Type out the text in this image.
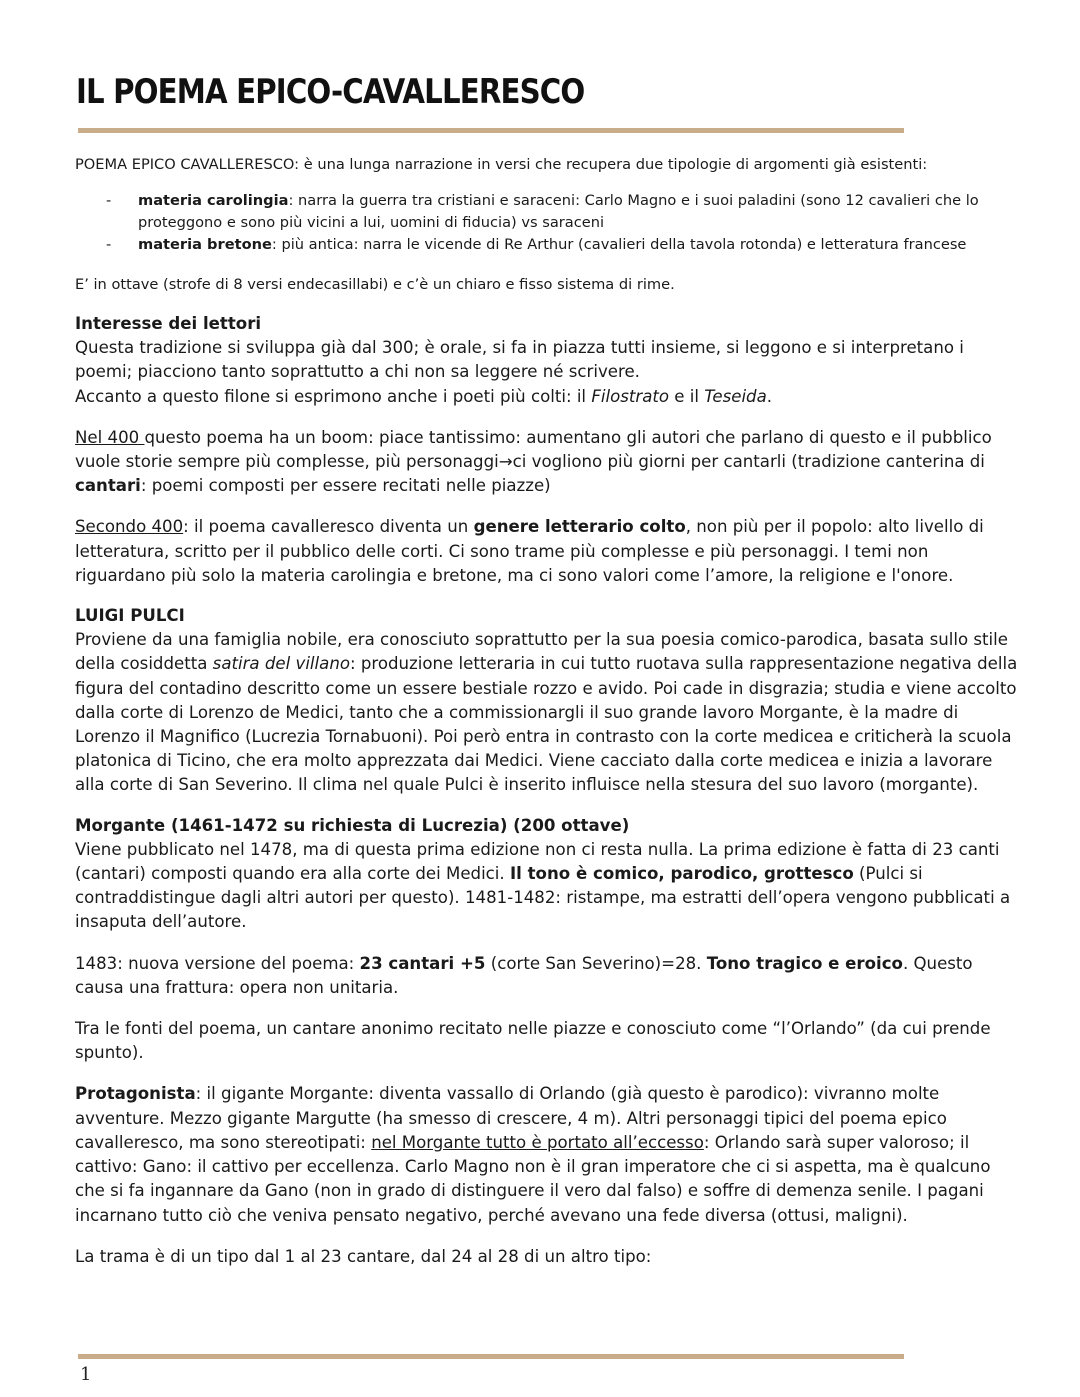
IL POEMA EPICO-CAVALLERESCO

POEMA EPICO CAVALLERESCO: è una lunga narrazione in versi che recupera due tipologie di argomenti già esistenti:

- materia carolingia: narra la guerra tra cristiani e saraceni: Carlo Magno e i suoi paladini (sono 12 cavalieri che lo proteggono e sono più vicini a lui, uomini di fiducia) vs saraceni
- materia bretone: più antica: narra le vicende di Re Arthur (cavalieri della tavola rotonda) e letteratura francese

E’ in ottave (strofe di 8 versi endecasillabi) e c’è un chiaro e fisso sistema di rime.

Interesse dei lettori
Questa tradizione si sviluppa già dal 300; è orale, si fa in piazza tutti insieme, si leggono e si interpretano i poemi; piacciono tanto soprattutto a chi non sa leggere né scrivere.
Accanto a questo filone si esprimono anche i poeti più colti: il Filostrato e il Teseida.

Nel 400 questo poema ha un boom: piace tantissimo: aumentano gli autori che parlano di questo e il pubblico vuole storie sempre più complesse, più personaggi→ci vogliono più giorni per cantarli (tradizione canterina di cantari: poemi composti per essere recitati nelle piazze)

Secondo 400: il poema cavalleresco diventa un genere letterario colto, non più per il popolo: alto livello di letteratura, scritto per il pubblico delle corti. Ci sono trame più complesse e più personaggi. I temi non riguardano più solo la materia carolingia e bretone, ma ci sono valori come l’amore, la religione e l'onore.

LUIGI PULCI
Proviene da una famiglia nobile, era conosciuto soprattutto per la sua poesia comico-parodica, basata sullo stile della cosiddetta satira del villano: produzione letteraria in cui tutto ruotava sulla rappresentazione negativa della figura del contadino descritto come un essere bestiale rozzo e avido. Poi cade in disgrazia; studia e viene accolto dalla corte di Lorenzo de Medici, tanto che a commissionargli il suo grande lavoro Morgante, è la madre di Lorenzo il Magnifico (Lucrezia Tornabuoni). Poi però entra in contrasto con la corte medicea e criticherà la scuola platonica di Ticino, che era molto apprezzata dai Medici. Viene cacciato dalla corte medicea e inizia a lavorare alla corte di San Severino. Il clima nel quale Pulci è inserito influisce nella stesura del suo lavoro (morgante).
Morgante (1461-1472 su richiesta di Lucrezia) (200 ottave)
Viene pubblicato nel 1478, ma di questa prima edizione non ci resta nulla. La prima edizione è fatta di 23 canti (cantari) composti quando era alla corte dei Medici. Il tono è comico, parodico, grottesco (Pulci si contraddistingue dagli altri autori per questo). 1481-1482: ristampe, ma estratti dell’opera vengono pubblicati a insaputa dell’autore.

1483: nuova versione del poema: 23 cantari +5 (corte San Severino)=28. Tono tragico e eroico. Questo causa una frattura: opera non unitaria.

Tra le fonti del poema, un cantare anonimo recitato nelle piazze e conosciuto come “l’Orlando” (da cui prende spunto).

Protagonista: il gigante Morgante: diventa vassallo di Orlando (già questo è parodico): vivranno molte avventure. Mezzo gigante Margutte (ha smesso di crescere, 4 m). Altri personaggi tipici del poema epico cavalleresco, ma sono stereotipati: nel Morgante tutto è portato all’eccesso: Orlando sarà super valoroso; il cattivo: Gano: il cattivo per eccellenza. Carlo Magno non è il gran imperatore che ci si aspetta, ma è qualcuno che si fa ingannare da Gano (non in grado di distinguere il vero dal falso) e soffre di demenza senile. I pagani incarnano tutto ciò che veniva pensato negativo, perché avevano una fede diversa (ottusi, maligni).

La trama è di un tipo dal 1 al 23 cantare, dal 24 al 28 di un altro tipo:

1
